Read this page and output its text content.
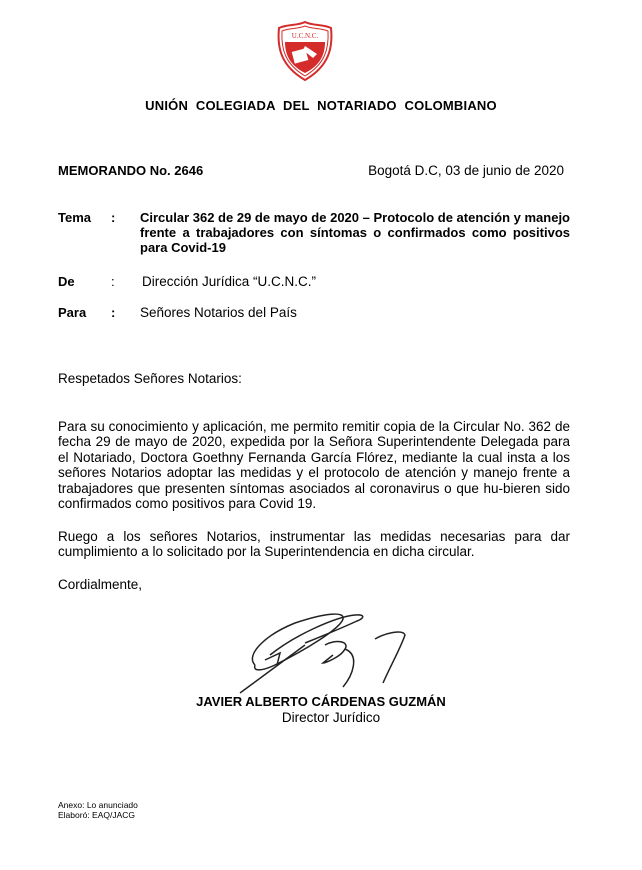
U.C.N.C.
UNIÓN COLEGIADA DEL NOTARIADO COLOMBIANO
MEMORANDO No. 2646	Bogotá D.C, 03 de junio de 2020
Tema : Circular 362 de 29 de mayo de 2020 – Protocolo de atención y manejo frente a trabajadores con síntomas o confirmados como positivos para Covid-19
De	: Dirección Jurídica “U.C.N.C.”
Para : Señores Notarios del País
Respetados Señores Notarios:
Para su conocimiento y aplicación, me permito remitir copia de la Circular No. 362 de fecha 29 de mayo de 2020, expedida por la Señora Superintendente Delegada para el Notariado, Doctora Goethny Fernanda García Flórez, mediante la cual insta a los señores Notarios adoptar las medidas y el protocolo de atención y manejo frente a trabajadores que presenten síntomas asociados al coronavirus o que hu-bieren sido confirmados como positivos para Covid 19.
Ruego a los señores Notarios, instrumentar las medidas necesarias para dar cumplimiento a lo solicitado por la Superintendencia en dicha circular.
Cordialmente,
JAVIER ALBERTO CÁRDENAS GUZMÁN
Director Jurídico
Anexo: Lo anunciado
Elaboró: EAQ/JACG
